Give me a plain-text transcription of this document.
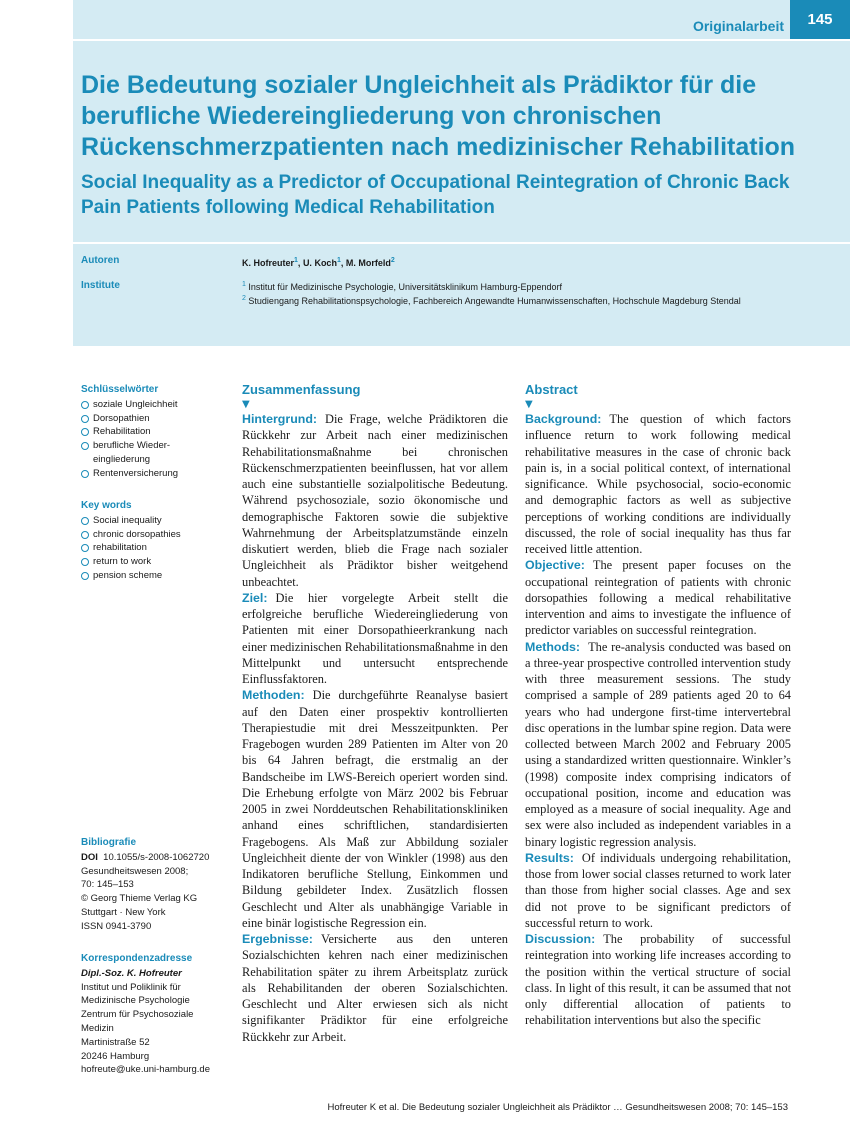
Originalarbeit	145
Die Bedeutung sozialer Ungleichheit als Prädiktor für die berufliche Wiedereingliederung von chronischen Rückenschmerzpatienten nach medizinischer Rehabilitation
Social Inequality as a Predictor of Occupational Reintegration of Chronic Back Pain Patients following Medical Rehabilitation
Autoren	K. Hofreuter$^1$, U. Koch$^1$, M. Morfeld$^2$
Institute	$^1$ Institut für Medizinische Psychologie, Universitätsklinikum Hamburg-Eppendorf
$^2$ Studiengang Rehabilitationspsychologie, Fachbereich Angewandte Humanwissenschaften, Hochschule Magdeburg Stendal
Schlüsselwörter
soziale Ungleichheit
Dorsopathien
Rehabilitation
berufliche Wieder-eingliederung
Rentenversicherung
Key words
Social inequality
chronic dorsopathies
rehabilitation
return to work
pension scheme
Bibliografie

DOI 10.1055/s-2008-1062720

Gesundheitswesen 2008;

70: 145–153

© Georg Thieme Verlag KG

Stuttgart · New York

ISSN 0941-3790

Korrespondenzadresse

Dipl.-Soz. K. Hofreuter

Institut und Poliklinik für

Medizinische Psychologie

Zentrum für Psychosoziale

Medizin

Martinistraße 52

20246 Hamburg

hofreute@uke.uni-hamburg.de

Zusammenfassung
▼

Hintergrund: Die Frage, welche Prädiktoren die Rückkehr zur Arbeit nach einer medizinischen Rehabilitationsmaßnahme bei chronischen Rückenschmerzpatienten beeinflussen, hat vor allem auch eine substantielle sozialpolitische Bedeutung. Während psychosoziale, sozio ökonomische und demographische Faktoren sowie die subjektive Wahrnehmung der Arbeitsplatzumstände einzeln diskutiert werden, blieb die Frage nach sozialer Ungleichheit als Prädiktor bisher weitgehend unbeachtet.

Ziel: Die hier vorgelegte Arbeit stellt die erfolgreiche berufliche Wiedereingliederung von Patienten mit einer Dorsopathieerkrankung nach einer medizinischen Rehabilitationsmaßnahme in den Mittelpunkt und untersucht entsprechende Einflussfaktoren.

Methoden: Die durchgeführte Reanalyse basiert auf den Daten einer prospektiv kontrollierten Therapiestudie mit drei Messzeitpunkten. Per Fragebogen wurden 289 Patienten im Alter von 20 bis 64 Jahren befragt, die erstmalig an der Bandscheibe im LWS-Bereich operiert worden sind. Die Erhebung erfolgte von März 2002 bis Februar 2005 in zwei Norddeutschen Rehabilitationskliniken anhand eines schriftlichen, standardisierten Fragebogens. Als Maß zur Abbildung sozialer Ungleichheit diente der von Winkler (1998) aus den Indikatoren berufliche Stellung, Einkommen und Bildung gebildeter Index. Zusätzlich flossen Geschlecht und Alter als unabhängige Variable in eine binär logistische Regression ein.

Ergebnisse: Versicherte aus den unteren Sozialschichten kehren nach einer medizinischen Rehabilitation später zu ihrem Arbeitsplatz zurück als Rehabilitanden der oberen Sozialschichten. Geschlecht und Alter erwiesen sich als nicht signifikanter Prädiktor für eine erfolgreiche Rückkehr zur Arbeit.

Abstract
▼

Background: The question of which factors influence return to work following medical rehabilitative measures in the case of chronic back pain is, in a social political context, of international significance. While psychosocial, socio-economic and demographic factors as well as subjective perceptions of working conditions are individually discussed, the role of social inequality has thus far received little attention.

Objective: The present paper focuses on the occupational reintegration of patients with chronic dorsopathies following a medical rehabilitative intervention and aims to investigate the influence of predictor variables on successful reintegration.

Methods: The re-analysis conducted was based on a three-year prospective controlled intervention study with three measurement sessions. The study comprised a sample of 289 patients aged 20 to 64 years who had undergone first-time intervertebral disc operations in the lumbar spine region. Data were collected between March 2002 and February 2005 using a standardized written questionnaire. Winkler’s (1998) composite index comprising indicators of occupational position, income and education was employed as a measure of social inequality. Age and sex were also included as independent variables in a binary logistic regression analysis.

Results: Of individuals undergoing rehabilitation, those from lower social classes returned to work later than those from higher social classes. Age and sex did not prove to be significant predictors of successful return to work.

Discussion: The probability of successful reintegration into working life increases according to the position within the vertical structure of social class. In light of this result, it can be assumed that not only differential allocation of patients to rehabilitation interventions but also the specific

Hofreuter K et al. Die Bedeutung sozialer Ungleichheit als Prädiktor … Gesundheitswesen 2008; 70: 145–153
